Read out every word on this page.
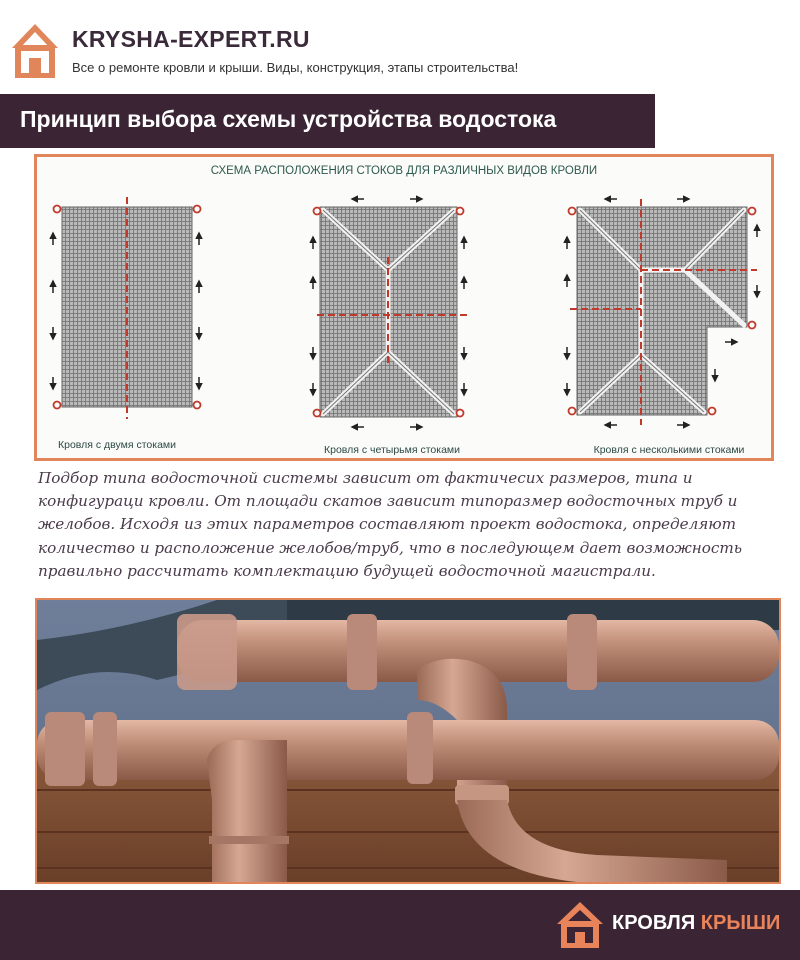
KRYSHA-EXPERT.RU
Все о ремонте кровли и крыши. Виды, конструкция, этапы строительства!
Принцип выбора схемы устройства водостока
СХЕМА РАСПОЛОЖЕНИЯ СТОКОВ ДЛЯ РАЗЛИЧНЫХ ВИДОВ КРОВЛИ
Кровля с двумя стоками	Кровля с четырьмя стоками	Кровля с несколькими стоками

Подбор типа водосточной системы зависит от фактичесих размеров, типа и конфигураци кровли. От площади скатов зависит типоразмер водосточных труб и желобов. Исходя из этих параметров составляют проект водостока, определяют количество и расположение желобов/труб, что в последующем дает возможность правильно рассчитать комплектацию будущей водосточной магистрали.

КРОВЛЯ КРЫШИ
